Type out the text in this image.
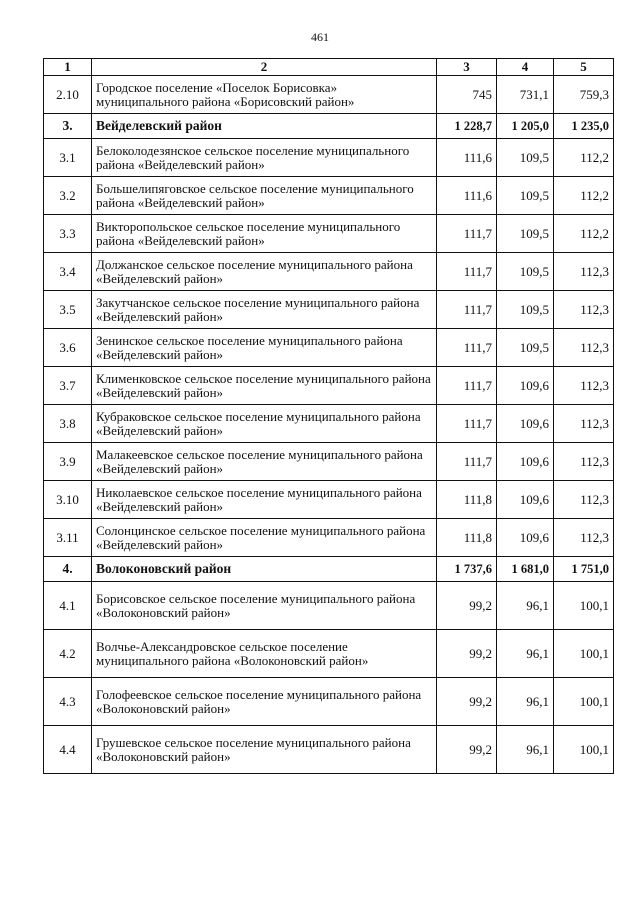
461
1	2	3	4	5
2.10	Городское поселение «Поселок Борисовка» муниципального района «Борисовский район»	745	731,1	759,3
3.	Вейделевский район	1 228,7	1 205,0	1 235,0
3.1	Белоколодезянское сельское поселение муниципального района «Вейделевский район»	111,6	109,5	112,2
3.2	Большелипяговское сельское поселение муниципального района «Вейделевский район»	111,6	109,5	112,2
3.3	Викторопольское сельское поселение муниципального района «Вейделевский район»	111,7	109,5	112,2
3.4	Должанское сельское поселение муниципального района «Вейделевский район»	111,7	109,5	112,3
3.5	Закутчанское сельское поселение муниципального района «Вейделевский район»	111,7	109,5	112,3
3.6	Зенинское сельское поселение муниципального района «Вейделевский район»	111,7	109,5	112,3
3.7	Клименковское сельское поселение муниципального района «Вейделевский район»	111,7	109,6	112,3
3.8	Кубраковское сельское поселение муниципального района «Вейделевский район»	111,7	109,6	112,3
3.9	Малакеевское сельское поселение муниципального района «Вейделевский район»	111,7	109,6	112,3
3.10	Николаевское сельское поселение муниципального района «Вейделевский район»	111,8	109,6	112,3
3.11	Солонцинское сельское поселение муниципального района «Вейделевский район»	111,8	109,6	112,3
4.	Волоконовский район	1 737,6	1 681,0	1 751,0
4.1	Борисовское сельское поселение муниципального района «Волоконовский район»	99,2	96,1	100,1
4.2	Волчье-Александровское сельское поселение муниципального района «Волоконовский район»	99,2	96,1	100,1
4.3	Голофеевское сельское поселение муниципального района «Волоконовский район»	99,2	96,1	100,1
4.4	Грушевское сельское поселение муниципального района «Волоконовский район»	99,2	96,1	100,1
